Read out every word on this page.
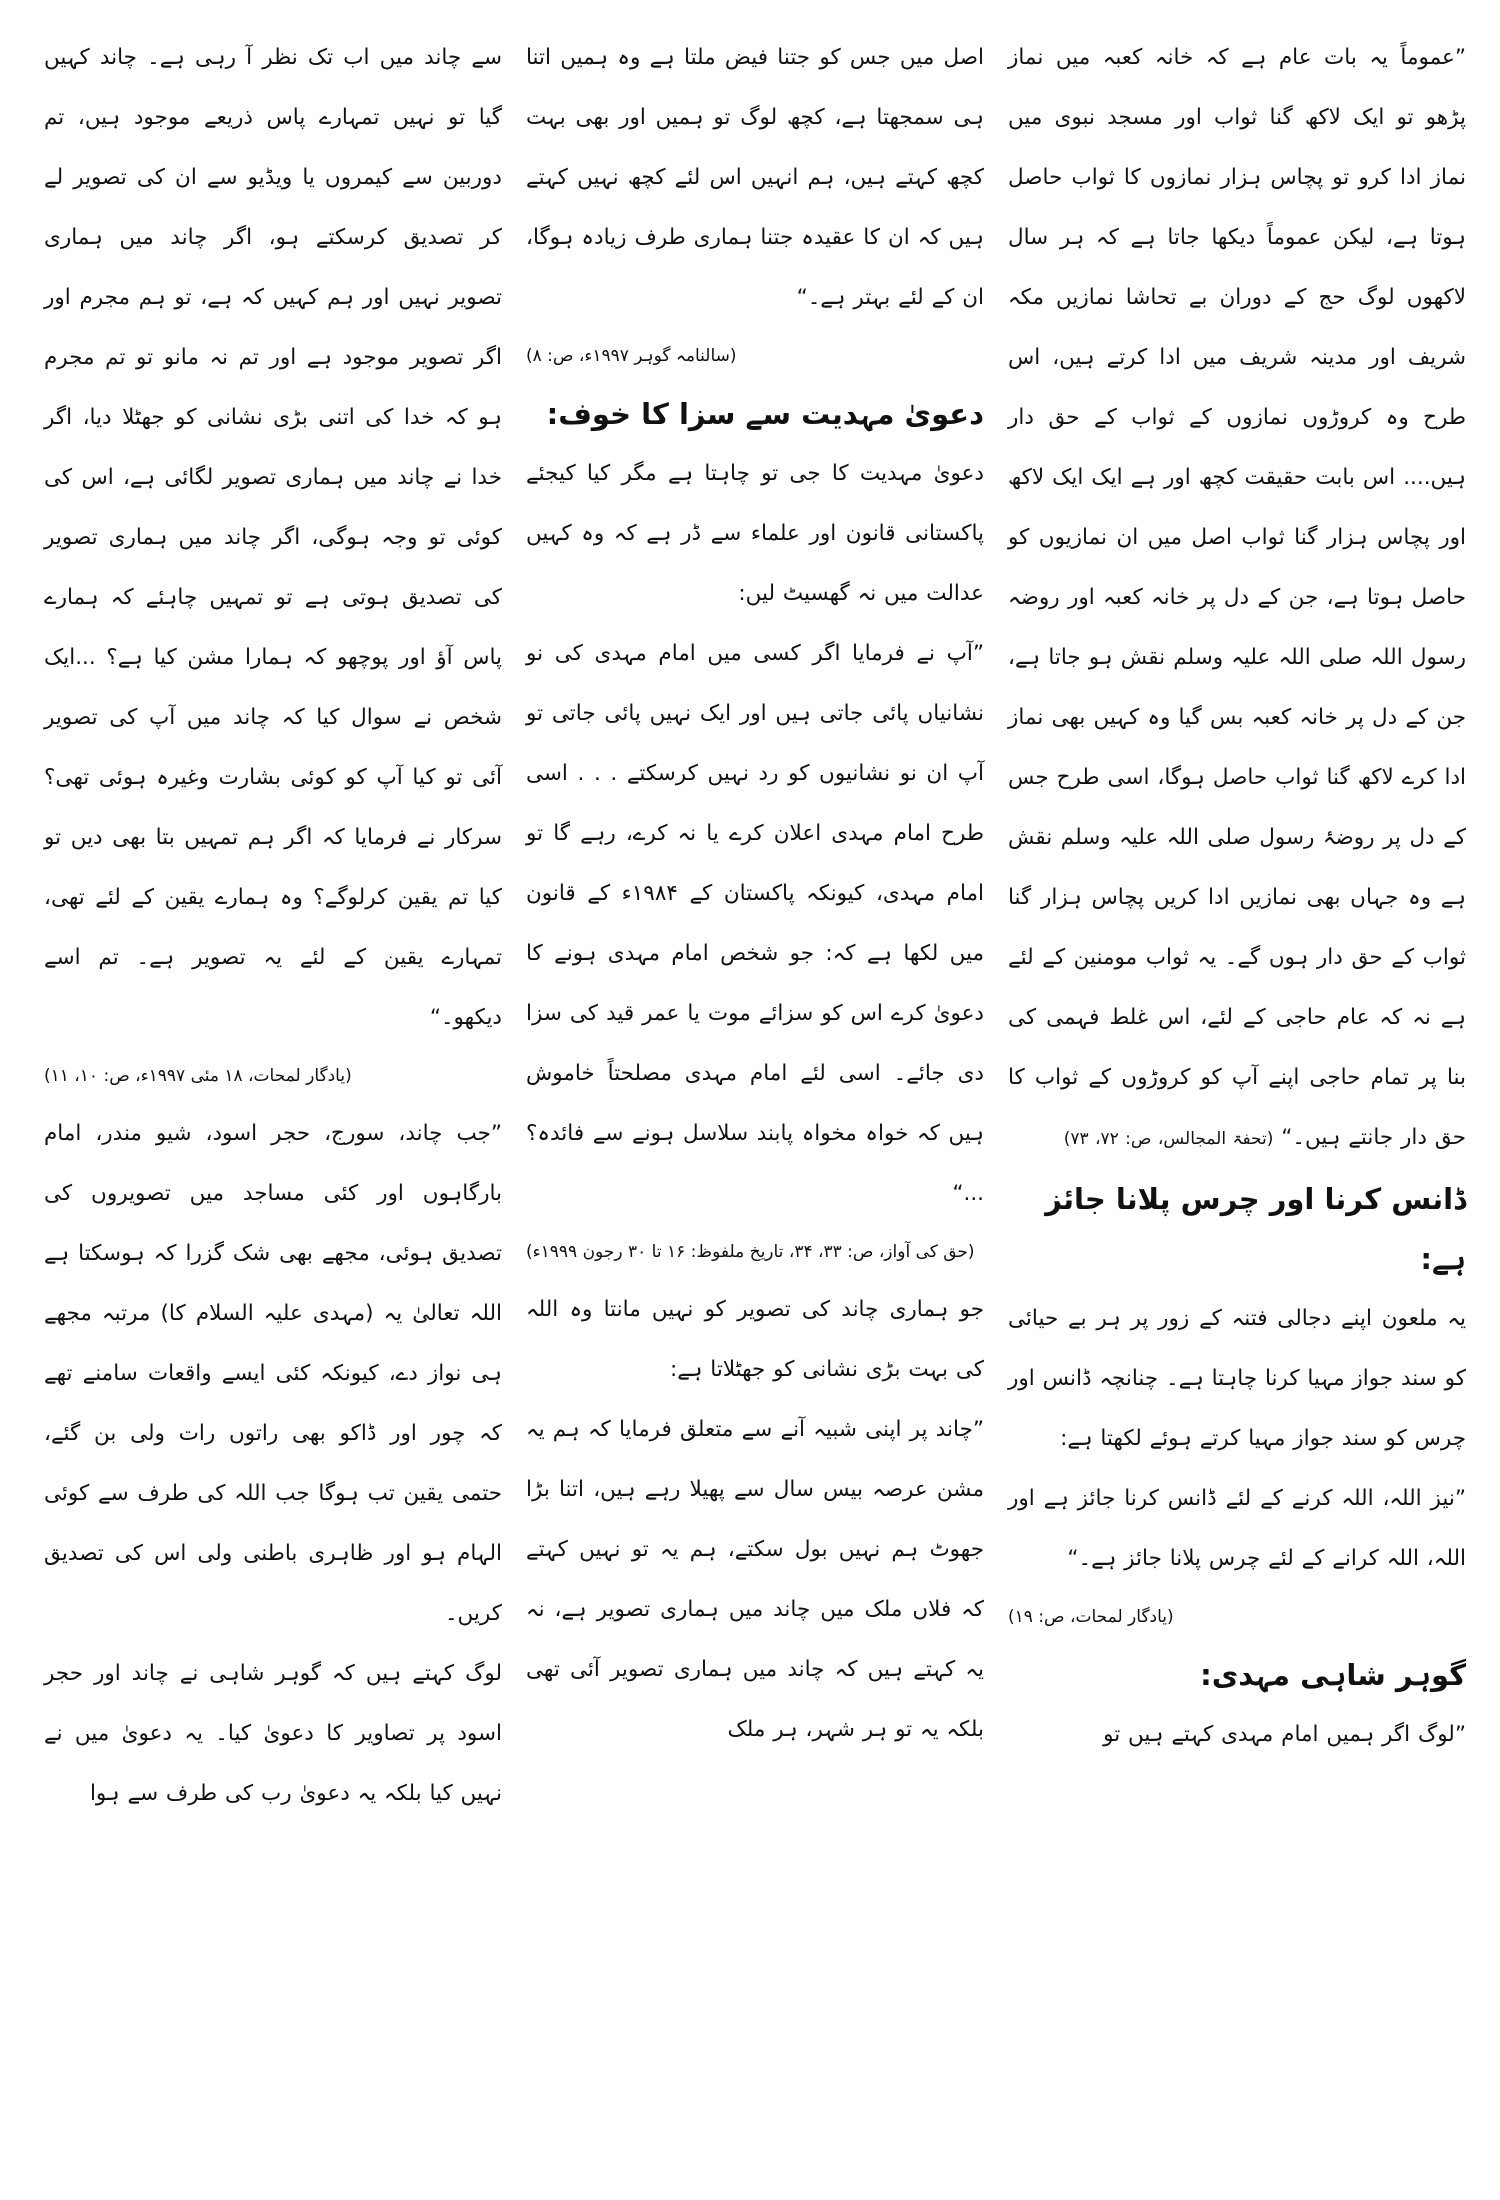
”عموماً یہ بات عام ہے کہ خانہ کعبہ میں نماز پڑھو تو ایک لاکھ گنا ثواب اور مسجد نبوی میں نماز ادا کرو تو پچاس ہزار نمازوں کا ثواب حاصل ہوتا ہے، لیکن عموماً دیکھا جاتا ہے کہ ہر سال لاکھوں لوگ حج کے دوران بے تحاشا نمازیں مکہ شریف اور مدینہ شریف میں ادا کرتے ہیں، اس طرح وہ کروڑوں نمازوں کے ثواب کے حق دار ہیں.... اس بابت حقیقت کچھ اور ہے ایک ایک لاکھ اور پچاس ہزار گنا ثواب اصل میں ان نمازیوں کو حاصل ہوتا ہے، جن کے دل پر خانہ کعبہ اور روضہ رسول اللہ صلی اللہ علیہ وسلم نقش ہو جاتا ہے، جن کے دل پر خانہ کعبہ بس گیا وہ کہیں بھی نماز ادا کرے لاکھ گنا ثواب حاصل ہوگا، اسی طرح جس کے دل پر روضۂ رسول صلی اللہ علیہ وسلم نقش ہے وہ جہاں بھی نمازیں ادا کریں پچاس ہزار گنا ثواب کے حق دار ہوں گے۔ یہ ثواب مومنین کے لئے ہے نہ کہ عام حاجی کے لئے، اس غلط فہمی کی بنا پر تمام حاجی اپنے آپ کو کروڑوں کے ثواب کا حق دار جانتے ہیں۔“ (تحفۃ المجالس، ص: ۷۲، ۷۳)

ڈانس کرنا اور چرس پلانا جائز ہے:

یہ ملعون اپنے دجالی فتنہ کے زور پر ہر بے حیائی کو سند جواز مہیا کرنا چاہتا ہے۔ چنانچہ ڈانس اور چرس کو سند جواز مہیا کرتے ہوئے لکھتا ہے:

”نیز اللہ، اللہ کرنے کے لئے ڈانس کرنا جائز ہے اور اللہ، اللہ کرانے کے لئے چرس پلانا جائز ہے۔“

(یادگار لمحات، ص: ۱۹)

گوہر شاہی مہدی:

”لوگ اگر ہمیں امام مہدی کہتے ہیں تو

اصل میں جس کو جتنا فیض ملتا ہے وہ ہمیں اتنا ہی سمجھتا ہے، کچھ لوگ تو ہمیں اور بھی بہت کچھ کہتے ہیں، ہم انہیں اس لئے کچھ نہیں کہتے ہیں کہ ان کا عقیدہ جتنا ہماری طرف زیادہ ہوگا، ان کے لئے بہتر ہے۔“

(سالنامہ گوہر ۱۹۹۷ء، ص: ۸)

دعویٰ مہدیت سے سزا کا خوف:

دعویٰ مہدیت کا جی تو چاہتا ہے مگر کیا کیجئے پاکستانی قانون اور علماء سے ڈر ہے کہ وہ کہیں عدالت میں نہ گھسیٹ لیں:

”آپ نے فرمایا اگر کسی میں امام مہدی کی نو نشانیاں پائی جاتی ہیں اور ایک نہیں پائی جاتی تو آپ ان نو نشانیوں کو رد نہیں کرسکتے . . . اسی طرح امام مہدی اعلان کرے یا نہ کرے، رہے گا تو امام مہدی، کیونکہ پاکستان کے ۱۹۸۴ء کے قانون میں لکھا ہے کہ: جو شخص امام مہدی ہونے کا دعویٰ کرے اس کو سزائے موت یا عمر قید کی سزا دی جائے۔ اسی لئے امام مہدی مصلحتاً خاموش ہیں کہ خواہ مخواہ پابند سلاسل ہونے سے فائدہ؟ ...“

(حق کی آواز، ص: ۳۳، ۳۴، تاریخ ملفوظ: ۱۶ تا ۳۰ رجون ۱۹۹۹ء)

جو ہماری چاند کی تصویر کو نہیں مانتا وہ اللہ کی بہت بڑی نشانی کو جھٹلاتا ہے:

”چاند پر اپنی شبیہ آنے سے متعلق فرمایا کہ ہم یہ مشن عرصہ بیس سال سے پھیلا رہے ہیں، اتنا بڑا جھوٹ ہم نہیں بول سکتے، ہم یہ تو نہیں کہتے کہ فلاں ملک میں چاند میں ہماری تصویر ہے، نہ یہ کہتے ہیں کہ چاند میں ہماری تصویر آئی تھی بلکہ یہ تو ہر شہر، ہر ملک

سے چاند میں اب تک نظر آ رہی ہے۔ چاند کہیں گیا تو نہیں تمہارے پاس ذریعے موجود ہیں، تم دوربین سے کیمروں یا ویڈیو سے ان کی تصویر لے کر تصدیق کرسکتے ہو، اگر چاند میں ہماری تصویر نہیں اور ہم کہیں کہ ہے، تو ہم مجرم اور اگر تصویر موجود ہے اور تم نہ مانو تو تم مجرم ہو کہ خدا کی اتنی بڑی نشانی کو جھٹلا دیا، اگر خدا نے چاند میں ہماری تصویر لگائی ہے، اس کی کوئی تو وجہ ہوگی، اگر چاند میں ہماری تصویر کی تصدیق ہوتی ہے تو تمہیں چاہئے کہ ہمارے پاس آؤ اور پوچھو کہ ہمارا مشن کیا ہے؟ ...ایک شخص نے سوال کیا کہ چاند میں آپ کی تصویر آئی تو کیا آپ کو کوئی بشارت وغیرہ ہوئی تھی؟ سرکار نے فرمایا کہ اگر ہم تمہیں بتا بھی دیں تو کیا تم یقین کرلوگے؟ وہ ہمارے یقین کے لئے تھی، تمہارے یقین کے لئے یہ تصویر ہے۔ تم اسے دیکھو۔“

(یادگار لمحات، ۱۸ مئی ۱۹۹۷ء، ص: ۱۰، ۱۱)

”جب چاند، سورج، حجر اسود، شیو مندر، امام بارگاہوں اور کئی مساجد میں تصویروں کی تصدیق ہوئی، مجھے بھی شک گزرا کہ ہوسکتا ہے اللہ تعالیٰ یہ (مہدی علیہ السلام کا) مرتبہ مجھے ہی نواز دے، کیونکہ کئی ایسے واقعات سامنے تھے کہ چور اور ڈاکو بھی راتوں رات ولی بن گئے، حتمی یقین تب ہوگا جب اللہ کی طرف سے کوئی الہام ہو اور ظاہری باطنی ولی اس کی تصدیق کریں۔

لوگ کہتے ہیں کہ گوہر شاہی نے چاند اور حجر اسود پر تصاویر کا دعویٰ کیا۔ یہ دعویٰ میں نے نہیں کیا بلکہ یہ دعویٰ رب کی طرف سے ہوا
